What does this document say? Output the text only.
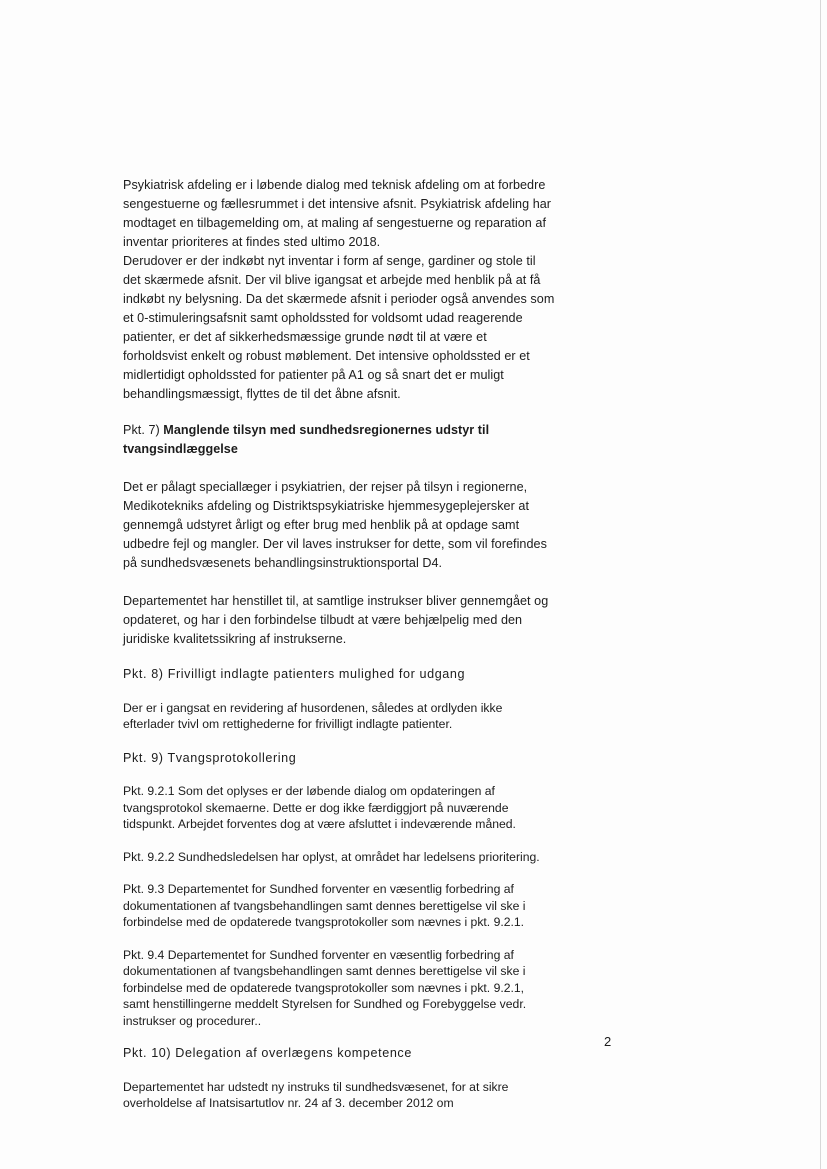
Psykiatrisk afdeling er i løbende dialog med teknisk afdeling om at forbedre
sengestuerne og fællesrummet i det intensive afsnit. Psykiatrisk afdeling har
modtaget en tilbagemelding om, at maling af sengestuerne og reparation af
inventar prioriteres at findes sted ultimo 2018.
Derudover er der indkøbt nyt inventar i form af senge, gardiner og stole til
det skærmede afsnit. Der vil blive igangsat et arbejde med henblik på at få
indkøbt ny belysning. Da det skærmede afsnit i perioder også anvendes som
et 0-stimuleringsafsnit samt opholdssted for voldsomt udad reagerende
patienter, er det af sikkerhedsmæssige grunde nødt til at være et
forholdsvist enkelt og robust møblement. Det intensive opholdssted er et
midlertidigt opholdssted for patienter på A1 og så snart det er muligt
behandlingsmæssigt, flyttes de til det åbne afsnit.

Pkt. 7) Manglende tilsyn med sundhedsregionernes udstyr til
tvangsindlæggelse

Det er pålagt speciallæger i psykiatrien, der rejser på tilsyn i regionerne,
Medikotekniks afdeling og Distriktspsykiatriske hjemmesygeplejersker at
gennemgå udstyret årligt og efter brug med henblik på at opdage samt
udbedre fejl og mangler. Der vil laves instrukser for dette, som vil forefindes
på sundhedsvæsenets behandlingsinstruktionsportal D4.

Departementet har henstillet til, at samtlige instrukser bliver gennemgået og
opdateret, og har i den forbindelse tilbudt at være behjælpelig med den
juridiske kvalitetssikring af instrukserne.

Pkt. 8) Frivilligt indlagte patienters mulighed for udgang

Der er i gangsat en revidering af husordenen, således at ordlyden ikke
efterlader tvivl om rettighederne for frivilligt indlagte patienter.

Pkt. 9) Tvangsprotokollering

Pkt. 9.2.1 Som det oplyses er der løbende dialog om opdateringen af
tvangsprotokol skemaerne. Dette er dog ikke færdiggjort på nuværende
tidspunkt. Arbejdet forventes dog at være afsluttet i indeværende måned.

Pkt. 9.2.2 Sundhedsledelsen har oplyst, at området har ledelsens prioritering.

Pkt. 9.3 Departementet for Sundhed forventer en væsentlig forbedring af
dokumentationen af tvangsbehandlingen samt dennes berettigelse vil ske i
forbindelse med de opdaterede tvangsprotokoller som nævnes i pkt. 9.2.1.

Pkt. 9.4 Departementet for Sundhed forventer en væsentlig forbedring af
dokumentationen af tvangsbehandlingen samt dennes berettigelse vil ske i
forbindelse med de opdaterede tvangsprotokoller som nævnes i pkt. 9.2.1,
samt henstillingerne meddelt Styrelsen for Sundhed og Forebyggelse vedr.
instrukser og procedurer..

Pkt. 10) Delegation af overlægens kompetence

Departementet har udstedt ny instruks til sundhedsvæsenet, for at sikre
overholdelse af Inatsisartutlov nr. 24 af 3. december 2012 om

2
